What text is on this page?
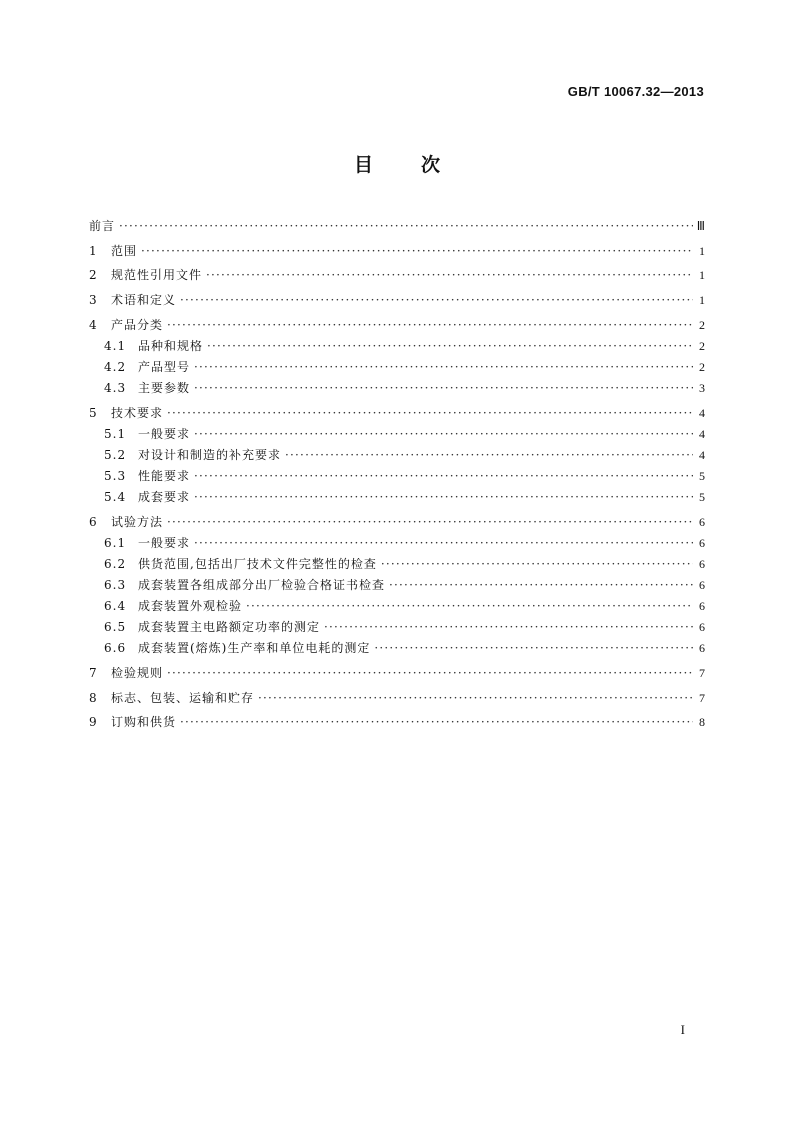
GB/T 10067.32—2013
目	次
前言 ·····	Ⅲ
1	范围 ·····	1
2	规范性引用文件 ·····	1
3	术语和定义 ·····	1
4	产品分类 ·····	2
4.1 品种和规格 ·····	2
4.2 产品型号 ·····	2
4.3 主要参数 ·····	3
5	技术要求 ·····	4
5.1 一般要求 ·····	4
5.2 对设计和制造的补充要求 ·····	4
5.3 性能要求 ·····	5
5.4 成套要求 ·····	5
6	试验方法 ·····	6
6.1 一般要求 ·····	6
6.2 供货范围,包括出厂技术文件完整性的检查 ·····	6
6.3 成套装置各组成部分出厂检验合格证书检查 ·····	6
6.4 成套装置外观检验 ·····	6
6.5 成套装置主电路额定功率的测定 ·····	6
6.6 成套装置(熔炼)生产率和单位电耗的测定 ·····	6
7	检验规则 ·····	7
8	标志、包装、运输和贮存 ·····	7
9	订购和供货 ·····	8
I
